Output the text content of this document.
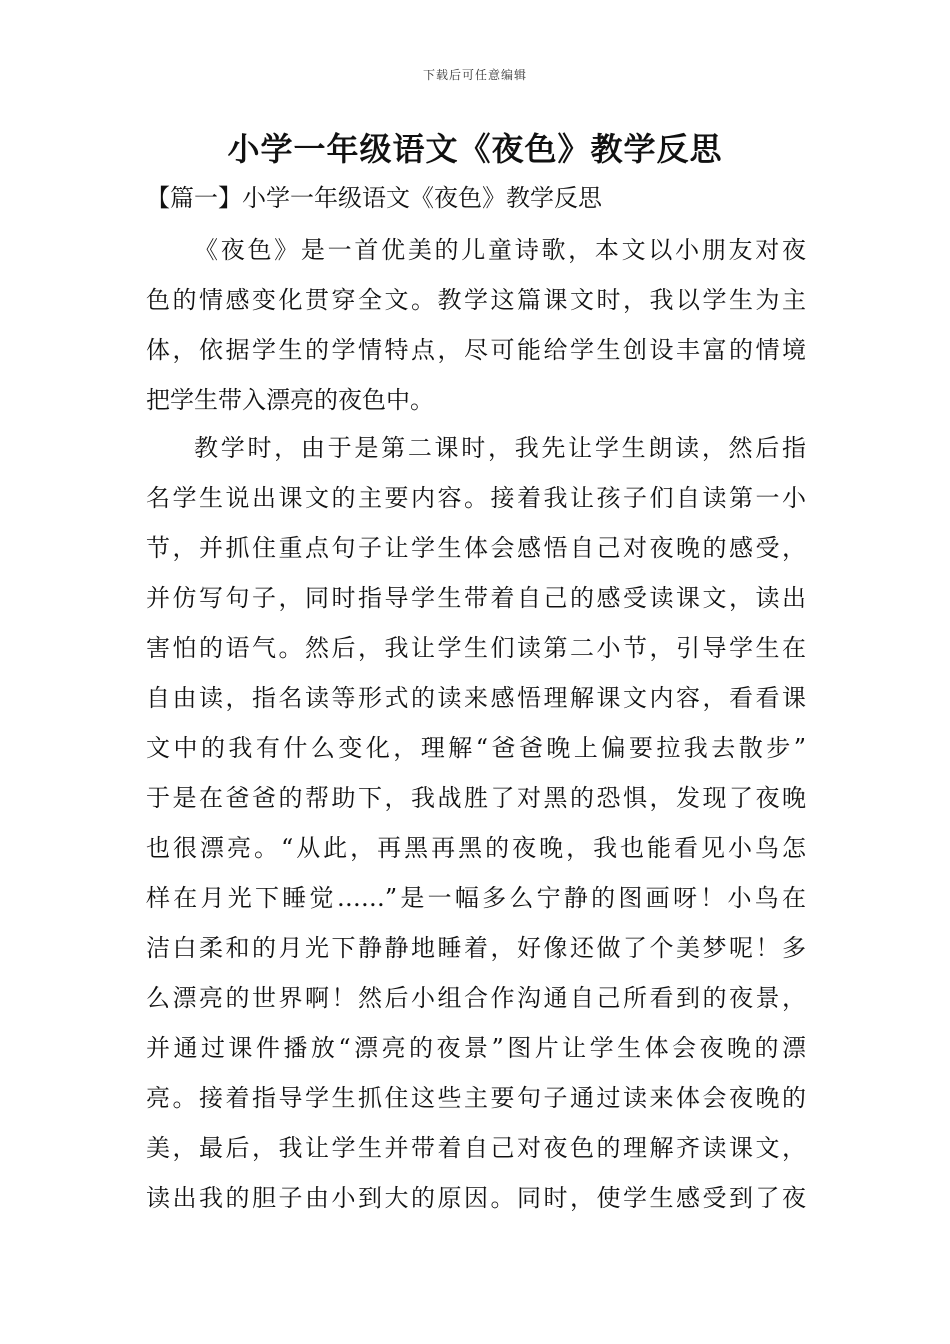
下载后可任意编辑
小学一年级语文《夜色》教学反思
【篇一】小学一年级语文《夜色》教学反思
《夜色》是一首优美的儿童诗歌，本文以小朋友对夜
色的情感变化贯穿全文。教学这篇课文时，我以学生为主
体，依据学生的学情特点，尽可能给学生创设丰富的情境
把学生带入漂亮的夜色中。
教学时，由于是第二课时，我先让学生朗读，然后指
名学生说出课文的主要内容。接着我让孩子们自读第一小
节，并抓住重点句子让学生体会感悟自己对夜晚的感受，
并仿写句子，同时指导学生带着自己的感受读课文，读出
害怕的语气。然后，我让学生们读第二小节，引导学生在
自由读，指名读等形式的读来感悟理解课文内容，看看课
文中的我有什么变化，理解“爸爸晚上偏要拉我去散步”
于是在爸爸的帮助下，我战胜了对黑的恐惧，发现了夜晚
也很漂亮。“从此，再黑再黑的夜晚，我也能看见小鸟怎
样在月光下睡觉……”是一幅多么宁静的图画呀！小鸟在
洁白柔和的月光下静静地睡着，好像还做了个美梦呢！多
么漂亮的世界啊！然后小组合作沟通自己所看到的夜景，
并通过课件播放“漂亮的夜景”图片让学生体会夜晚的漂
亮。接着指导学生抓住这些主要句子通过读来体会夜晚的
美，最后，我让学生并带着自己对夜色的理解齐读课文，
读出我的胆子由小到大的原因。同时，使学生感受到了夜
